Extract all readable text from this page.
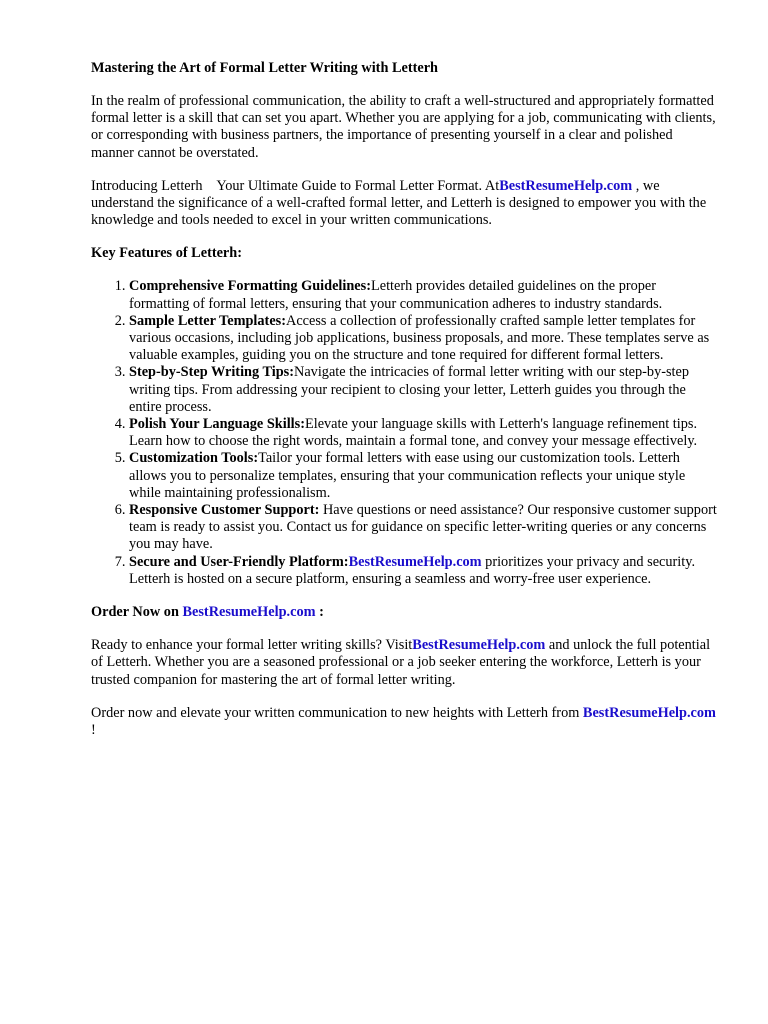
Mastering the Art of Formal Letter Writing with Letterh

In the realm of professional communication, the ability to craft a well-structured and appropriately formatted formal letter is a skill that can set you apart. Whether you are applying for a job, communicating with clients, or corresponding with business partners, the importance of presenting yourself in a clear and polished manner cannot be overstated.

Introducing Letterh    Your Ultimate Guide to Formal Letter Format. AtBestResumeHelp.com , we understand the significance of a well-crafted formal letter, and Letterh is designed to empower you with the knowledge and tools needed to excel in your written communications.

Key Features of Letterh:
1. Comprehensive Formatting Guidelines:Letterh provides detailed guidelines on the proper formatting of formal letters, ensuring that your communication adheres to industry standards.
2. Sample Letter Templates:Access a collection of professionally crafted sample letter templates for various occasions, including job applications, business proposals, and more. These templates serve as valuable examples, guiding you on the structure and tone required for different formal letters.
3. Step-by-Step Writing Tips:Navigate the intricacies of formal letter writing with our step-by-step writing tips. From addressing your recipient to closing your letter, Letterh guides you through the entire process.
4. Polish Your Language Skills:Elevate your language skills with Letterh's language refinement tips. Learn how to choose the right words, maintain a formal tone, and convey your message effectively.
5. Customization Tools:Tailor your formal letters with ease using our customization tools. Letterh allows you to personalize templates, ensuring that your communication reflects your unique style while maintaining professionalism.
6. Responsive Customer Support: Have questions or need assistance? Our responsive customer support team is ready to assist you. Contact us for guidance on specific letter-writing queries or any concerns you may have.
7. Secure and User-Friendly Platform:BestResumeHelp.com prioritizes your privacy and security. Letterh is hosted on a secure platform, ensuring a seamless and worry-free user experience.

Order Now on BestResumeHelp.com :

Ready to enhance your formal letter writing skills? VisitBestResumeHelp.com and unlock the full potential of Letterh. Whether you are a seasoned professional or a job seeker entering the workforce, Letterh is your trusted companion for mastering the art of formal letter writing.

Order now and elevate your written communication to new heights with Letterh from BestResumeHelp.com !
